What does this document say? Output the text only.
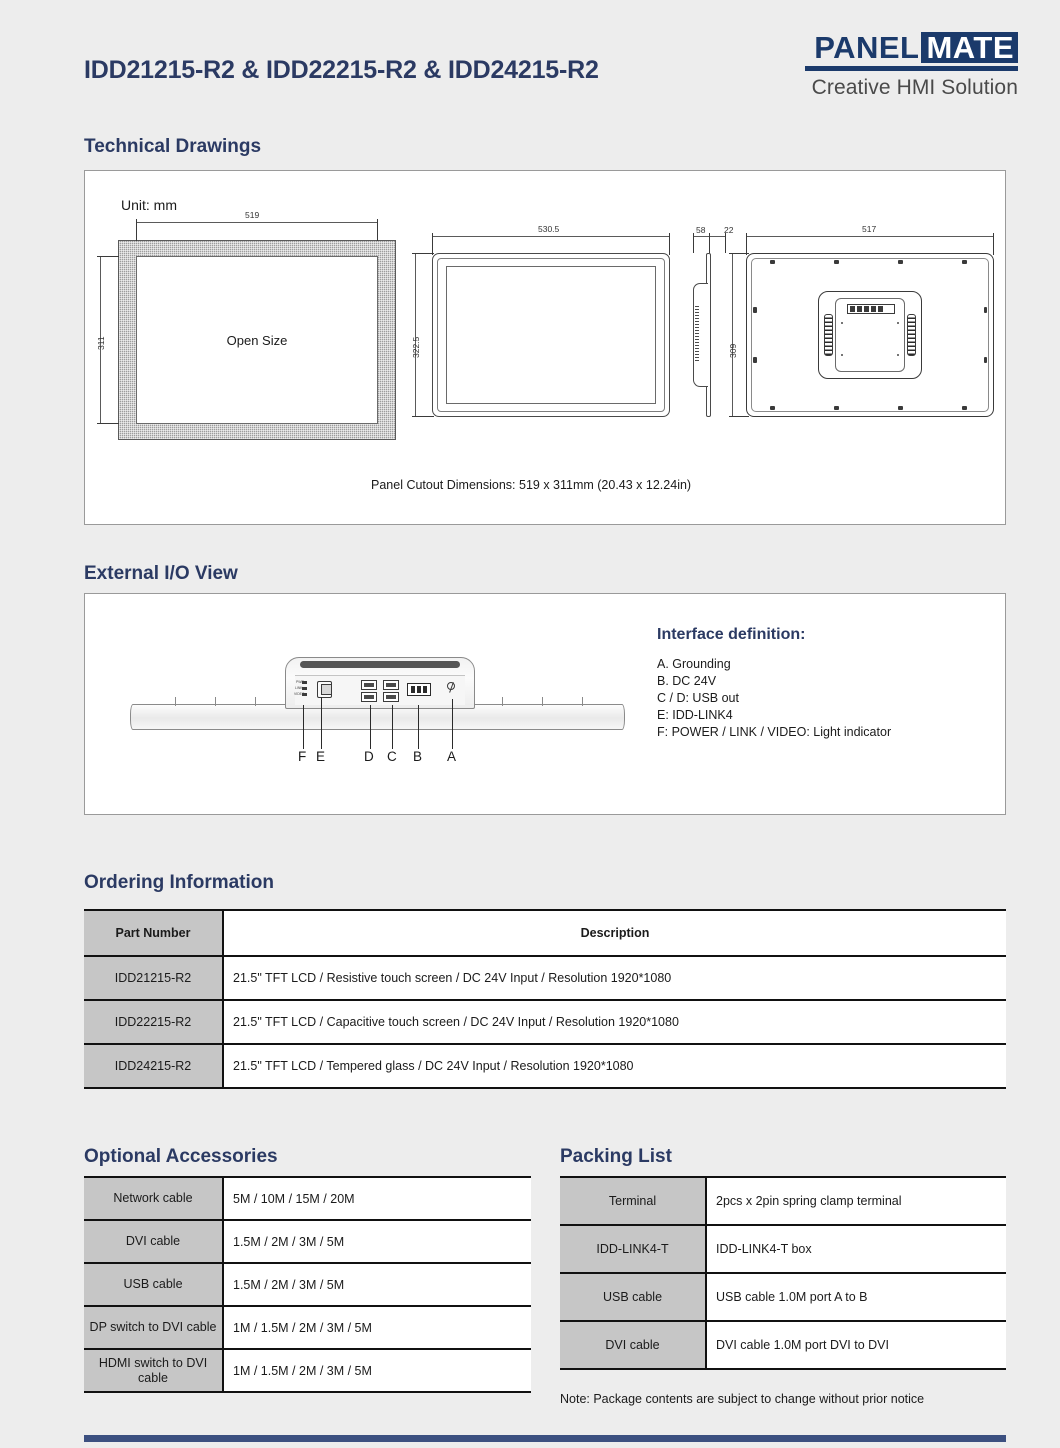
IDD21215-R2 & IDD22215-R2 & IDD24215-R2
PANEL MATE
Creative HMI Solution
Technical Drawings
Unit: mm
Panel Cutout Dimensions: 519 x 311mm (20.43 x 12.24in)
Open Size
519
311
530.5
322.5
58 22	517
309
External I/O View
Interface definition:
A. Grounding
B. DC 24V
C / D: USB out
E: IDD-LINK4
F: POWER / LINK / VIDEO: Light indicator
PWR
LINK
VIDEO
F E	D C B A
Ordering Information
Part Number	Description
IDD21215-R2	21.5" TFT LCD / Resistive touch screen / DC 24V Input / Resolution 1920*1080
IDD22215-R2	21.5" TFT LCD / Capacitive touch screen / DC 24V Input / Resolution 1920*1080
IDD24215-R2	21.5" TFT LCD / Tempered glass / DC 24V Input / Resolution 1920*1080
Optional Accessories
Network cable	5M / 10M / 15M / 20M
DVI cable	1.5M / 2M / 3M / 5M
USB cable	1.5M / 2M / 3M / 5M
DP switch to DVI cable	1M / 1.5M / 2M / 3M / 5M
HDMI switch to DVI cable	1M / 1.5M / 2M / 3M / 5M
Packing List
Terminal	2pcs x 2pin spring clamp terminal
IDD-LINK4-T	IDD-LINK4-T box
USB cable	USB cable 1.0M port A to B
DVI cable	DVI cable 1.0M port DVI to DVI
Note: Package contents are subject to change without prior notice
